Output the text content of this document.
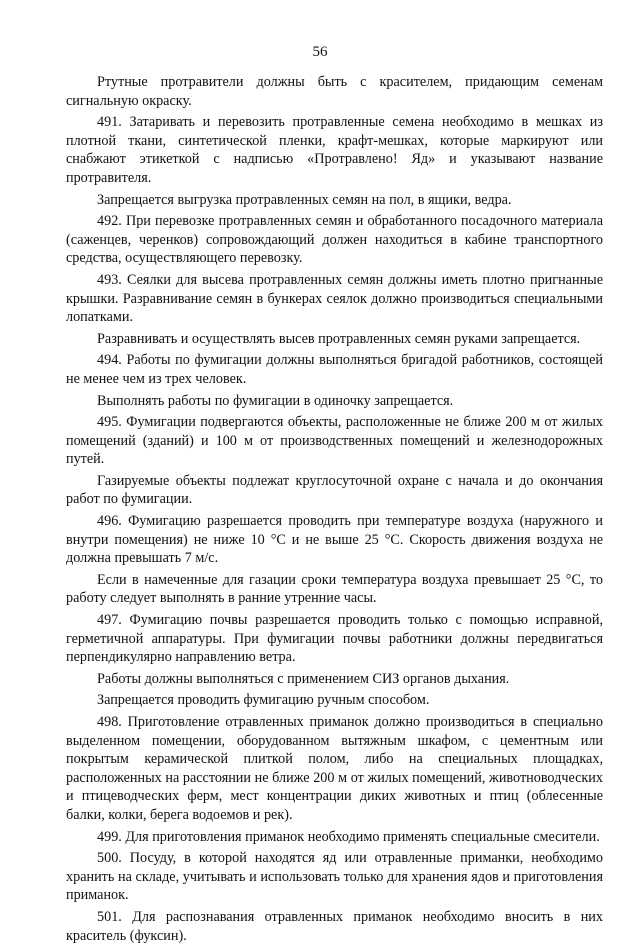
56

Ртутные протравители должны быть с красителем, придающим семенам сигнальную окраску.

491. Затаривать и перевозить протравленные семена необходимо в мешках из плотной ткани, синтетической пленки, крафт-мешках, которые маркируют или снабжают этикеткой с надписью «Протравлено! Яд» и указывают название протравителя.

Запрещается выгрузка протравленных семян на пол, в ящики, ведра.

492. При перевозке протравленных семян и обработанного посадочного материала (саженцев, черенков) сопровождающий должен находиться в кабине транспортного средства, осуществляющего перевозку.

493. Сеялки для высева протравленных семян должны иметь плотно пригнанные крышки. Разравнивание семян в бункерах сеялок должно производиться специальными лопатками.

Разравнивать и осуществлять высев протравленных семян руками запрещается.

494. Работы по фумигации должны выполняться бригадой работников, состоящей не менее чем из трех человек.

Выполнять работы по фумигации в одиночку запрещается.

495. Фумигации подвергаются объекты, расположенные не ближе 200 м от жилых помещений (зданий) и 100 м от производственных помещений и железнодорожных путей.

Газируемые объекты подлежат круглосуточной охране с начала и до окончания работ по фумигации.

496. Фумигацию разрешается проводить при температуре воздуха (наружного и внутри помещения) не ниже 10 °C и не выше 25 °C. Скорость движения воздуха не должна превышать 7 м/с.

Если в намеченные для газации сроки температура воздуха превышает 25 °C, то работу следует выполнять в ранние утренние часы.

497. Фумигацию почвы разрешается проводить только с помощью исправной, герметичной аппаратуры. При фумигации почвы работники должны передвигаться перпендикулярно направлению ветра.

Работы должны выполняться с применением СИЗ органов дыхания.

Запрещается проводить фумигацию ручным способом.

498. Приготовление отравленных приманок должно производиться в специально выделенном помещении, оборудованном вытяжным шкафом, с цементным или покрытым керамической плиткой полом, либо на специальных площадках, расположенных на расстоянии не ближе 200 м от жилых помещений, животноводческих и птицеводческих ферм, мест концентрации диких животных и птиц (облесенные балки, колки, берега водоемов и рек).

499. Для приготовления приманок необходимо применять специальные смесители.

500. Посуду, в которой находятся яд или отравленные приманки, необходимо хранить на складе, учитывать и использовать только для хранения ядов и приготовления приманок.

501. Для распознавания отравленных приманок необходимо вносить в них краситель (фуксин).
